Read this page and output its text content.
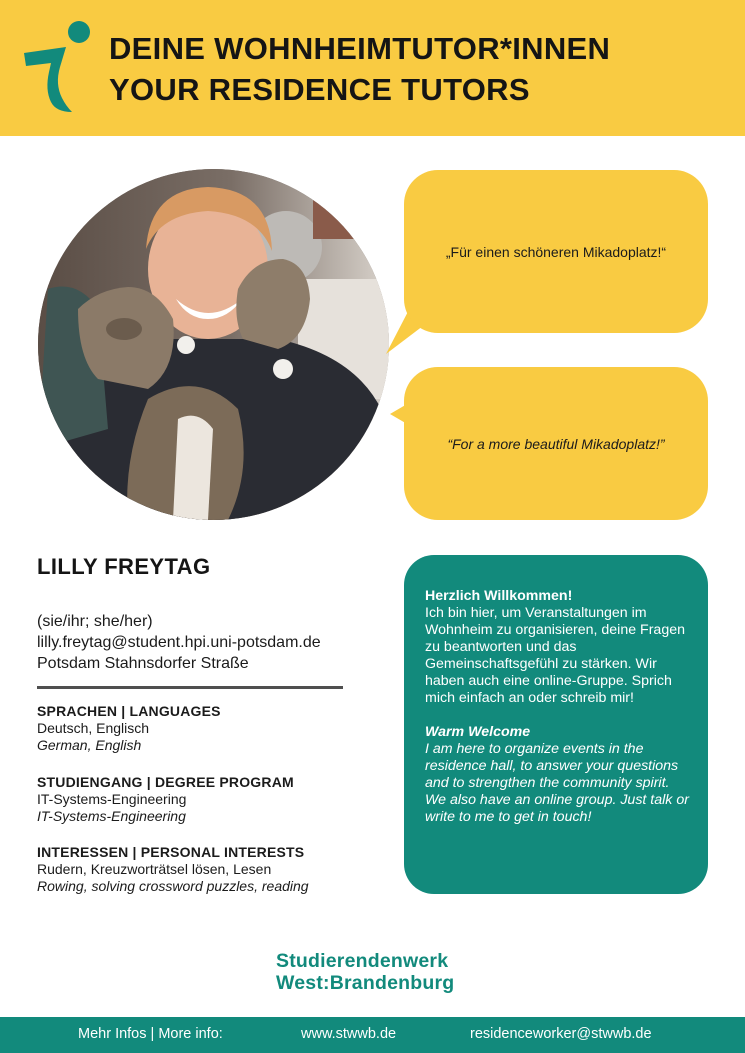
DEINE WOHNHEIMTUTOR*INNEN
YOUR RESIDENCE TUTORS
„Für einen schöneren Mikadoplatz!“
“For a more beautiful Mikadoplatz!”
LILLY FREYTAG
(sie/ihr; she/her)
lilly.freytag@student.hpi.uni-potsdam.de
Potsdam Stahnsdorfer Straße
SPRACHEN | LANGUAGES
Deutsch, Englisch
German, English
STUDIENGANG | DEGREE PROGRAM
IT-Systems-Engineering
IT-Systems-Engineering
INTERESSEN | PERSONAL INTERESTS
Rudern, Kreuzworträtsel lösen, Lesen
Rowing, solving crossword puzzles, reading
Herzlich Willkommen!
Ich bin hier, um Veranstaltungen im Wohnheim zu organisieren, deine Fragen zu beantworten und das Gemeinschaftsgefühl zu stärken. Wir haben auch eine online-Gruppe. Sprich mich einfach an oder schreib mir!
Warm Welcome
I am here to organize events in the residence hall, to answer your questions and to strengthen the community spirit. We also have an online group. Just talk or write to me to get in touch!
Studierendenwerk
West:Brandenburg
Mehr Infos | More info:	www.stwwb.de	residenceworker@stwwb.de
